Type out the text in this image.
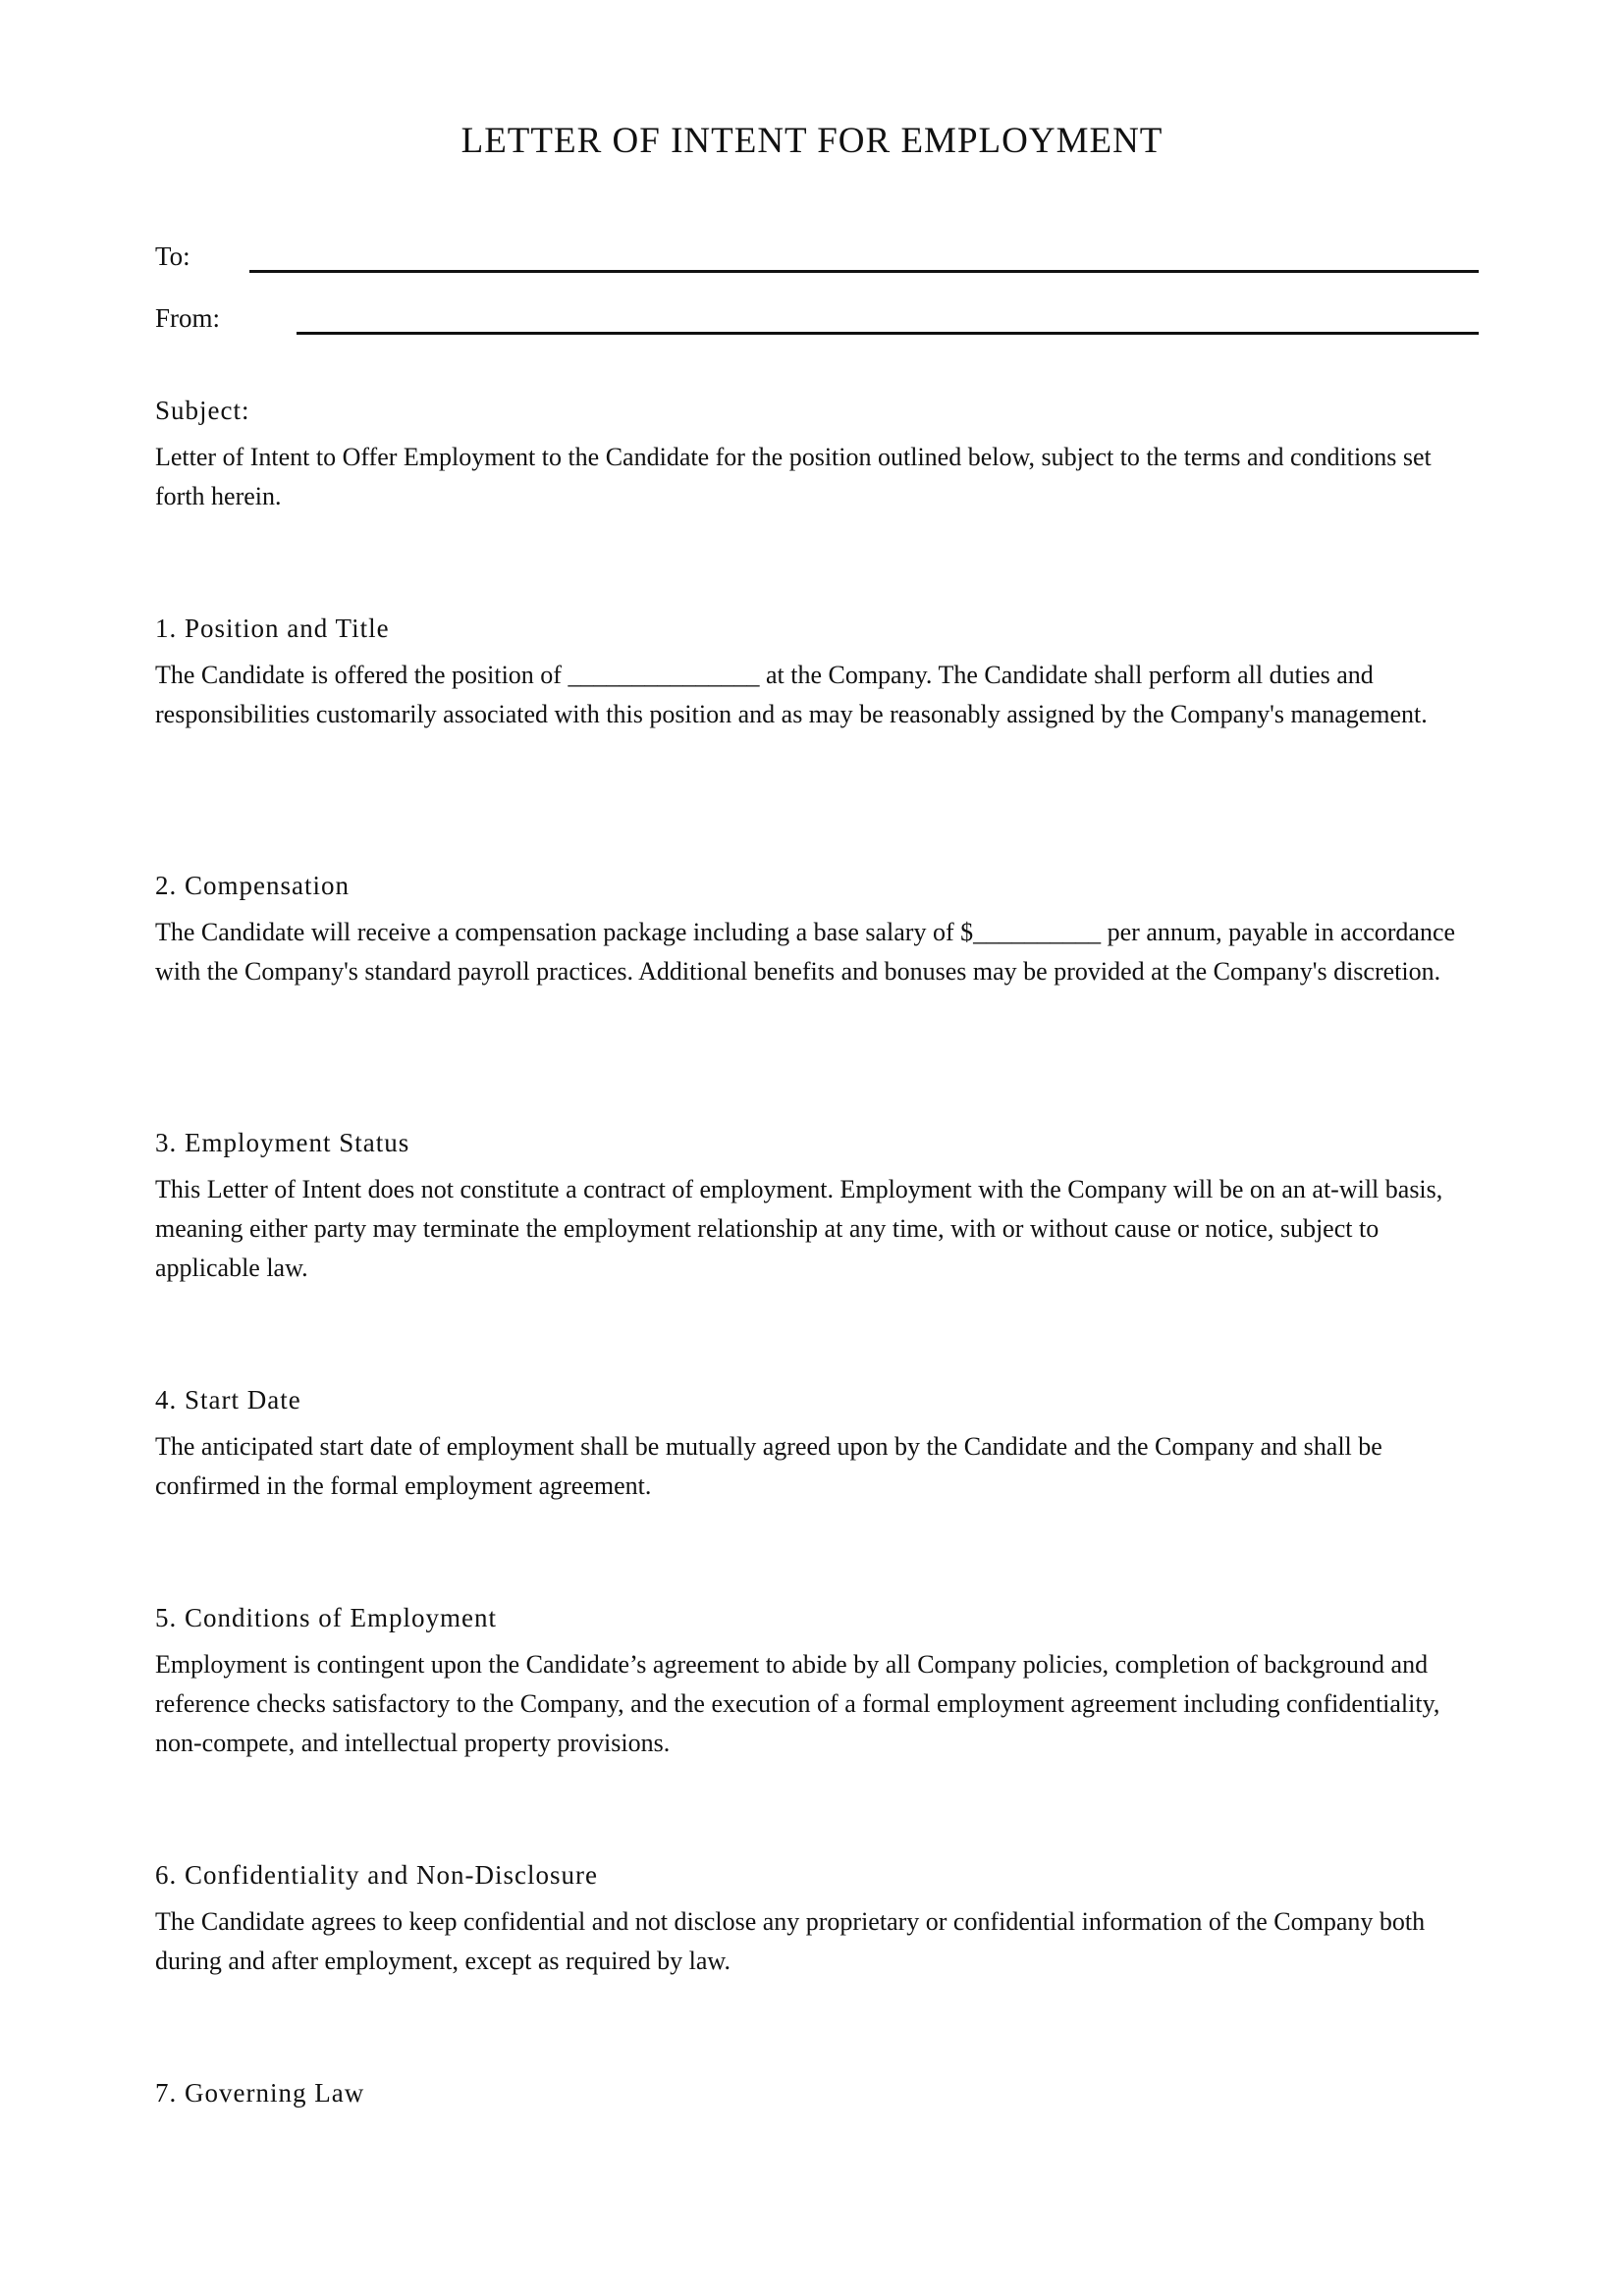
LETTER OF INTENT FOR EMPLOYMENT
To:
From:
Subject:

Letter of Intent to Offer Employment to the Candidate for the position outlined below, subject to the terms and conditions set forth herein.

1. Position and Title

The Candidate is offered the position of _______________ at the Company. The Candidate shall perform all duties and responsibilities customarily associated with this position and as may be reasonably assigned by the Company's management.

2. Compensation

The Candidate will receive a compensation package including a base salary of $__________ per annum, payable in accordance with the Company's standard payroll practices. Additional benefits and bonuses may be provided at the Company's discretion.

3. Employment Status

This Letter of Intent does not constitute a contract of employment. Employment with the Company will be on an at-will basis, meaning either party may terminate the employment relationship at any time, with or without cause or notice, subject to applicable law.

4. Start Date

The anticipated start date of employment shall be mutually agreed upon by the Candidate and the Company and shall be confirmed in the formal employment agreement.

5. Conditions of Employment

Employment is contingent upon the Candidate’s agreement to abide by all Company policies, completion of background and reference checks satisfactory to the Company, and the execution of a formal employment agreement including confidentiality, non-compete, and intellectual property provisions.

6. Confidentiality and Non-Disclosure

The Candidate agrees to keep confidential and not disclose any proprietary or confidential information of the Company both during and after employment, except as required by law.

7. Governing Law
